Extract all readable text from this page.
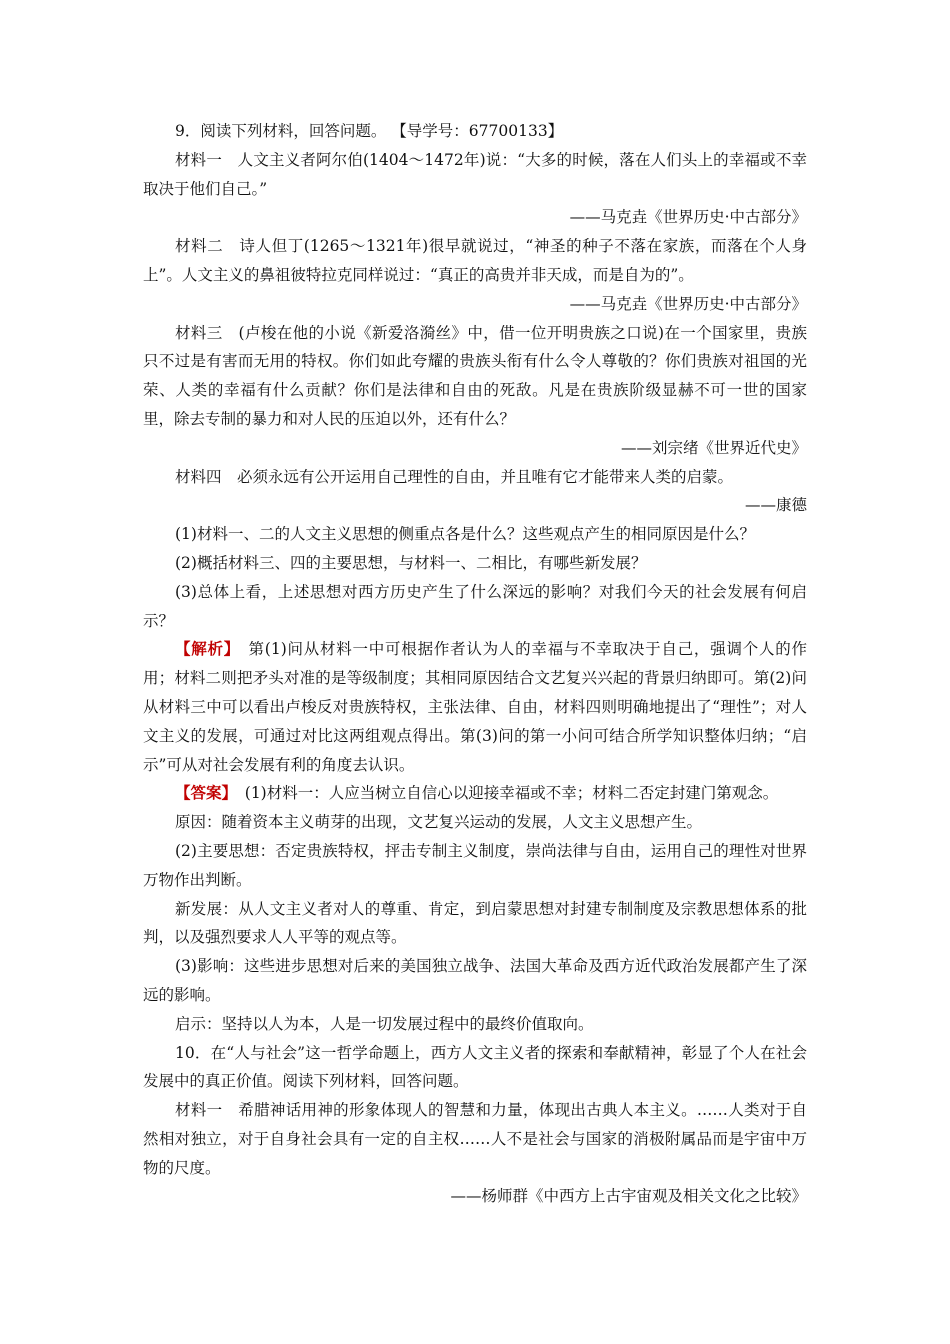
9．阅读下列材料，回答问题。 【导学号：67700133】

材料一　人文主义者阿尔伯(1404～1472年)说：“大多的时候，落在人们头上的幸福或不幸取决于他们自己。”

——马克垚《世界历史·中古部分》

材料二　诗人但丁(1265～1321年)很早就说过，“神圣的种子不落在家族，而落在个人身上”。人文主义的鼻祖彼特拉克同样说过：“真正的高贵并非天成，而是自为的”。

——马克垚《世界历史·中古部分》

材料三　(卢梭在他的小说《新爱洛漪丝》中，借一位开明贵族之口说)在一个国家里，贵族只不过是有害而无用的特权。你们如此夸耀的贵族头衔有什么令人尊敬的？你们贵族对祖国的光荣、人类的幸福有什么贡献？你们是法律和自由的死敌。凡是在贵族阶级显赫不可一世的国家里，除去专制的暴力和对人民的压迫以外，还有什么？

——刘宗绪《世界近代史》

材料四　必须永远有公开运用自己理性的自由，并且唯有它才能带来人类的启蒙。

——康德

(1)材料一、二的人文主义思想的侧重点各是什么？这些观点产生的相同原因是什么？

(2)概括材料三、四的主要思想，与材料一、二相比，有哪些新发展？

(3)总体上看，上述思想对西方历史产生了什么深远的影响？对我们今天的社会发展有何启示？

【解析】　第(1)问从材料一中可根据作者认为人的幸福与不幸取决于自己，强调个人的作用；材料二则把矛头对准的是等级制度；其相同原因结合文艺复兴兴起的背景归纳即可。第(2)问从材料三中可以看出卢梭反对贵族特权，主张法律、自由，材料四则明确地提出了“理性”；对人文主义的发展，可通过对比这两组观点得出。第(3)问的第一小问可结合所学知识整体归纳；“启示”可从对社会发展有利的角度去认识。

【答案】　(1)材料一：人应当树立自信心以迎接幸福或不幸；材料二否定封建门第观念。

原因：随着资本主义萌芽的出现，文艺复兴运动的发展，人文主义思想产生。

(2)主要思想：否定贵族特权，抨击专制主义制度，崇尚法律与自由，运用自己的理性对世界万物作出判断。

新发展：从人文主义者对人的尊重、肯定，到启蒙思想对封建专制制度及宗教思想体系的批判，以及强烈要求人人平等的观点等。

(3)影响：这些进步思想对后来的美国独立战争、法国大革命及西方近代政治发展都产生了深远的影响。

启示：坚持以人为本，人是一切发展过程中的最终价值取向。

10．在“人与社会”这一哲学命题上，西方人文主义者的探索和奉献精神，彰显了个人在社会发展中的真正价值。阅读下列材料，回答问题。

材料一　希腊神话用神的形象体现人的智慧和力量，体现出古典人本主义。……人类对于自然相对独立，对于自身社会具有一定的自主权……人不是社会与国家的消极附属品而是宇宙中万物的尺度。

——杨师群《中西方上古宇宙观及相关文化之比较》
